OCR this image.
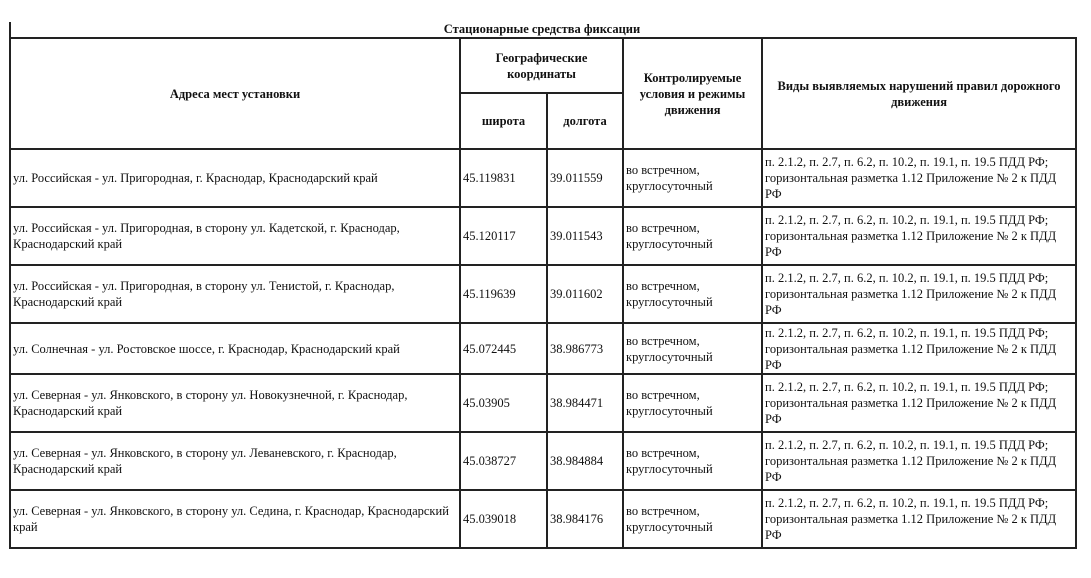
Стационарные средства фиксации
Адреса мест установки	Географические координаты		Контролируемые условия и режимы движения	Виды выявляемых нарушений правил дорожного движения
	широта	долгота		
ул. Российская - ул. Пригородная, г. Краснодар, Краснодарский край	45.119831	39.011559	во встречном, круглосуточный	п. 2.1.2, п. 2.7, п. 6.2, п. 10.2, п. 19.1, п. 19.5 ПДД РФ; горизонтальная разметка 1.12 Приложение № 2 к ПДД РФ
ул. Российская - ул. Пригородная, в сторону ул. Кадетской, г. Краснодар, Краснодарский край	45.120117	39.011543	во встречном, круглосуточный	п. 2.1.2, п. 2.7, п. 6.2, п. 10.2, п. 19.1, п. 19.5 ПДД РФ; горизонтальная разметка 1.12 Приложение № 2 к ПДД РФ
ул. Российская - ул. Пригородная, в сторону ул. Тенистой, г. Краснодар, Краснодарский край	45.119639	39.011602	во встречном, круглосуточный	п. 2.1.2, п. 2.7, п. 6.2, п. 10.2, п. 19.1, п. 19.5 ПДД РФ; горизонтальная разметка 1.12 Приложение № 2 к ПДД РФ
ул. Солнечная - ул. Ростовское шоссе, г. Краснодар, Краснодарский край	45.072445	38.986773	во встречном, круглосуточный	п. 2.1.2, п. 2.7, п. 6.2, п. 10.2, п. 19.1, п. 19.5 ПДД РФ; горизонтальная разметка 1.12 Приложение № 2 к ПДД РФ
ул. Северная - ул. Янковского, в сторону ул. Новокузнечной, г. Краснодар, Краснодарский край	45.03905	38.984471	во встречном, круглосуточный	п. 2.1.2, п. 2.7, п. 6.2, п. 10.2, п. 19.1, п. 19.5 ПДД РФ; горизонтальная разметка 1.12 Приложение № 2 к ПДД РФ
ул. Северная - ул. Янковского, в сторону ул. Леваневского, г. Краснодар, Краснодарский край	45.038727	38.984884	во встречном, круглосуточный	п. 2.1.2, п. 2.7, п. 6.2, п. 10.2, п. 19.1, п. 19.5 ПДД РФ; горизонтальная разметка 1.12 Приложение № 2 к ПДД РФ
ул. Северная - ул. Янковского, в сторону ул. Седина, г. Краснодар, Краснодарский край	45.039018	38.984176	во встречном, круглосуточный	п. 2.1.2, п. 2.7, п. 6.2, п. 10.2, п. 19.1, п. 19.5 ПДД РФ; горизонтальная разметка 1.12 Приложение № 2 к ПДД РФ
